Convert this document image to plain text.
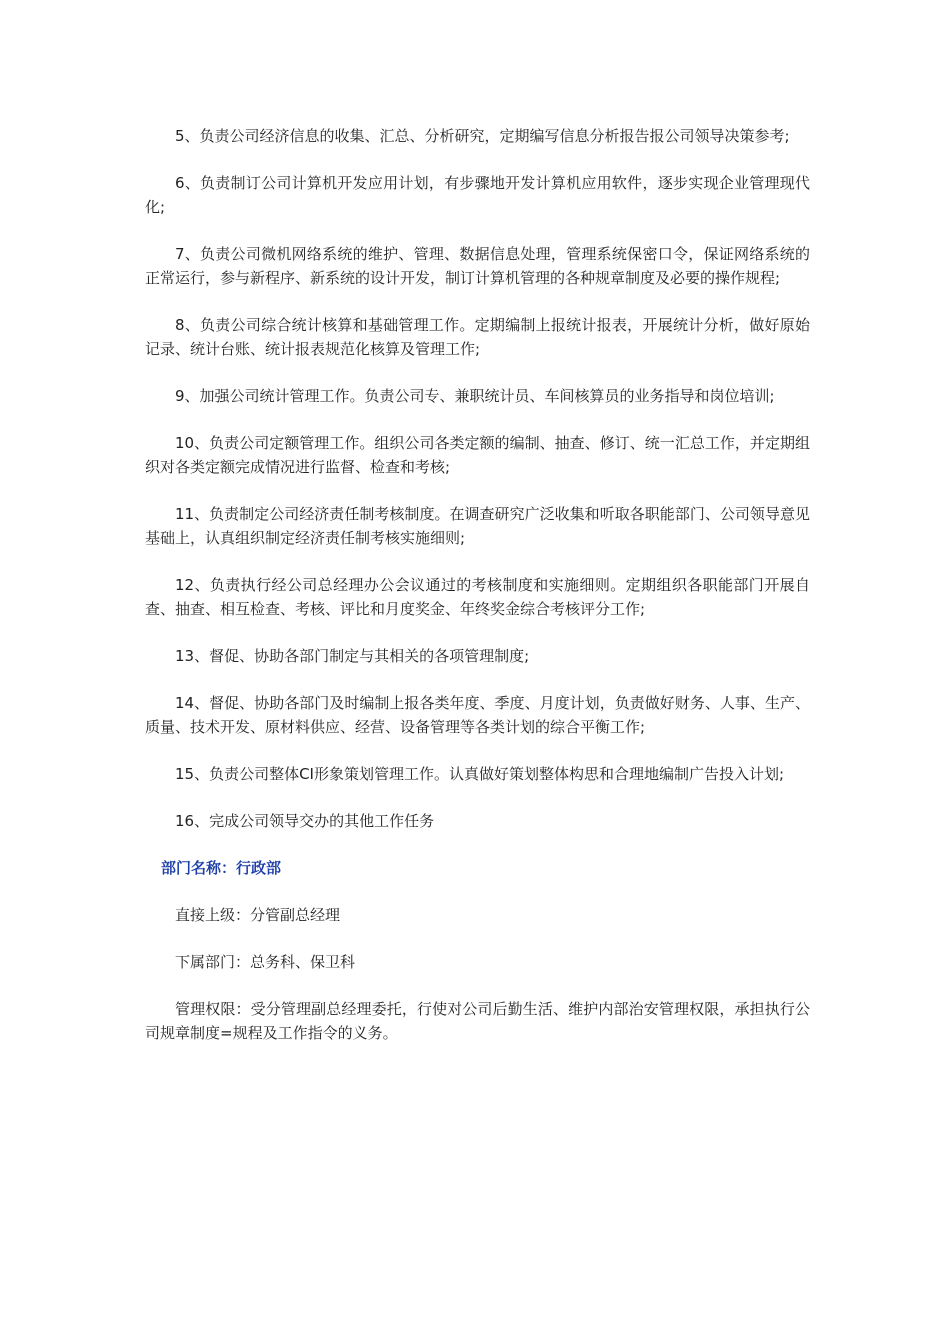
5、负责公司经济信息的收集、汇总、分析研究，定期编写信息分析报告报公司领导决策参考;

6、负责制订公司计算机开发应用计划，有步骤地开发计算机应用软件，逐步实现企业管理现代化;

7、负责公司微机网络系统的维护、管理、数据信息处理，管理系统保密口令，保证网络系统的正常运行，参与新程序、新系统的设计开发，制订计算机管理的各种规章制度及必要的操作规程;

8、负责公司综合统计核算和基础管理工作。定期编制上报统计报表，开展统计分析，做好原始记录、统计台账、统计报表规范化核算及管理工作;

9、加强公司统计管理工作。负责公司专、兼职统计员、车间核算员的业务指导和岗位培训;

10、负责公司定额管理工作。组织公司各类定额的编制、抽查、修订、统一汇总工作，并定期组织对各类定额完成情况进行监督、检查和考核;

11、负责制定公司经济责任制考核制度。在调查研究广泛收集和听取各职能部门、公司领导意见基础上，认真组织制定经济责任制考核实施细则;

12、负责执行经公司总经理办公会议通过的考核制度和实施细则。定期组织各职能部门开展自查、抽查、相互检查、考核、评比和月度奖金、年终奖金综合考核评分工作;

13、督促、协助各部门制定与其相关的各项管理制度;

14、督促、协助各部门及时编制上报各类年度、季度、月度计划，负责做好财务、人事、生产、质量、技术开发、原材料供应、经营、设备管理等各类计划的综合平衡工作;

15、负责公司整体CI形象策划管理工作。认真做好策划整体构思和合理地编制广告投入计划;

16、完成公司领导交办的其他工作任务

部门名称：行政部

直接上级：分管副总经理

下属部门：总务科、保卫科

管理权限：受分管理副总经理委托，行使对公司后勤生活、维护内部治安管理权限，承担执行公司规章制度=规程及工作指令的义务。
